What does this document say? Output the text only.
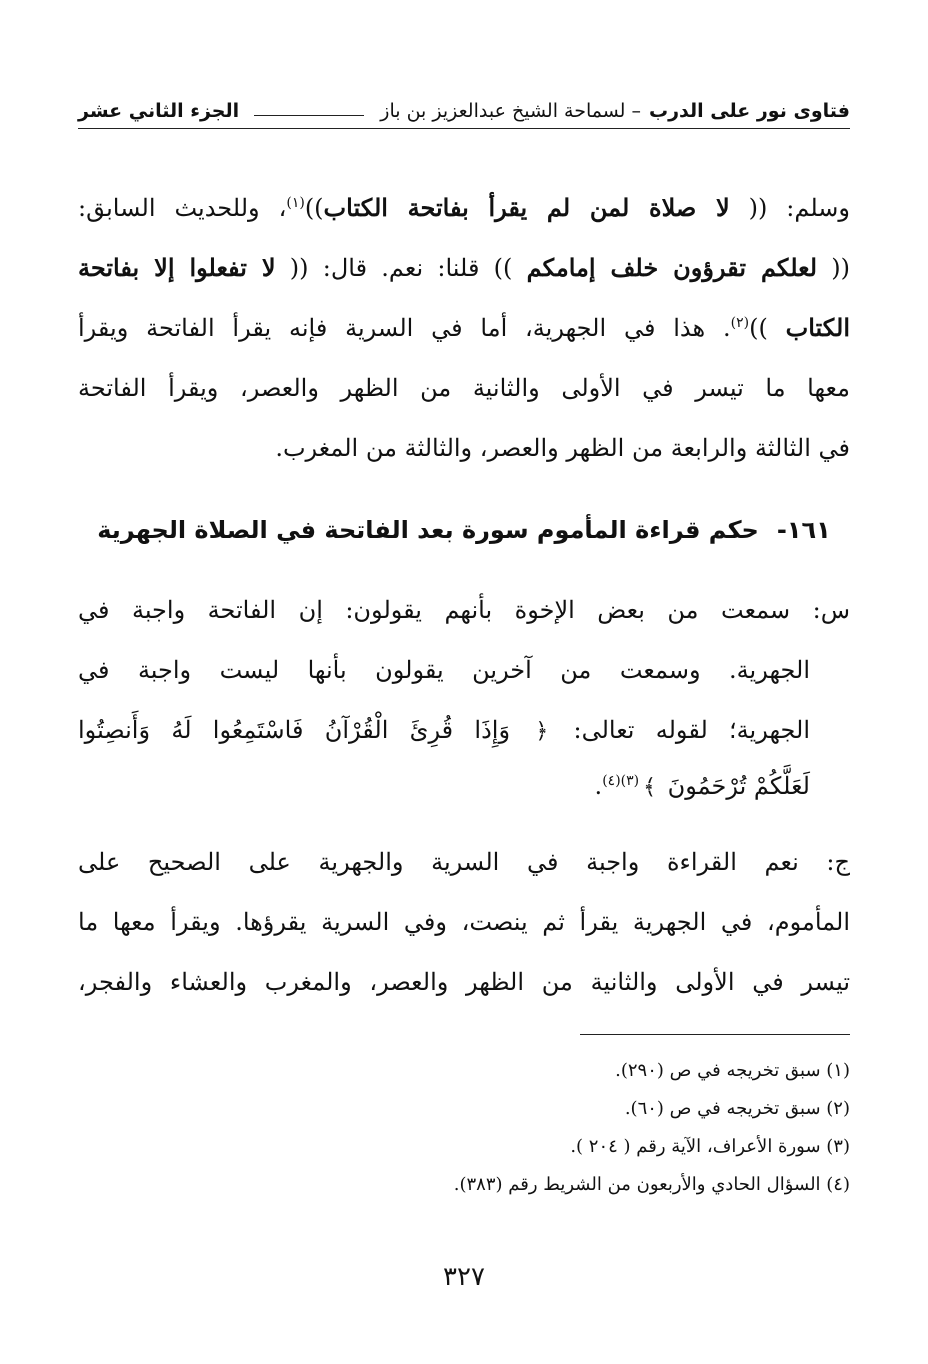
فتاوى نور على الدرب
– لسماحة الشيخ عبدالعزيز بن باز
الجزء الثاني عشر
وسلم: (( لا صلاة لمن لم يقرأ بفاتحة الكتاب))$^{(١)}$، وللحديث السابق:
(( لعلكم تقرؤون خلف إمامكم )) قلنا: نعم. قال: (( لا تفعلوا إلا بفاتحة
الكتاب ))$^{(٢)}$. هذا في الجهرية، أما في السرية فإنه يقرأ الفاتحة ويقرأ
معها ما تيسر في الأولى والثانية من الظهر والعصر، ويقرأ الفاتحة
في الثالثة والرابعة من الظهر والعصر، والثالثة من المغرب.
١٦١-حكم قراءة المأموم سورة بعد الفاتحة في الصلاة الجهرية
س: سمعت من بعض الإخوة بأنهم يقولون: إن الفاتحة واجبة في
الجهرية. وسمعت من آخرين يقولون بأنها ليست واجبة في
الجهرية؛ لقوله تعالى: ﴿ وَإِذَا قُرِئَ الْقُرْآنُ فَاسْتَمِعُوا لَهُ وَأَنصِتُوا
لَعَلَّكُمْ تُرْحَمُونَ ﴾$^{(٣)(٤)}$.
ج: نعم القراءة واجبة في السرية والجهرية على الصحيح على
المأموم، في الجهرية يقرأ ثم ينصت، وفي السرية يقرؤها. ويقرأ معها ما
تيسر في الأولى والثانية من الظهر والعصر، والمغرب والعشاء والفجر،
(١) سبق تخريجه في ص (٢٩٠).
(٢) سبق تخريجه في ص (٦٠).
(٣) سورة الأعراف، الآية رقم ( ٢٠٤ ).
(٤) السؤال الحادي والأربعون من الشريط رقم (٣٨٣).
٣٢٧
